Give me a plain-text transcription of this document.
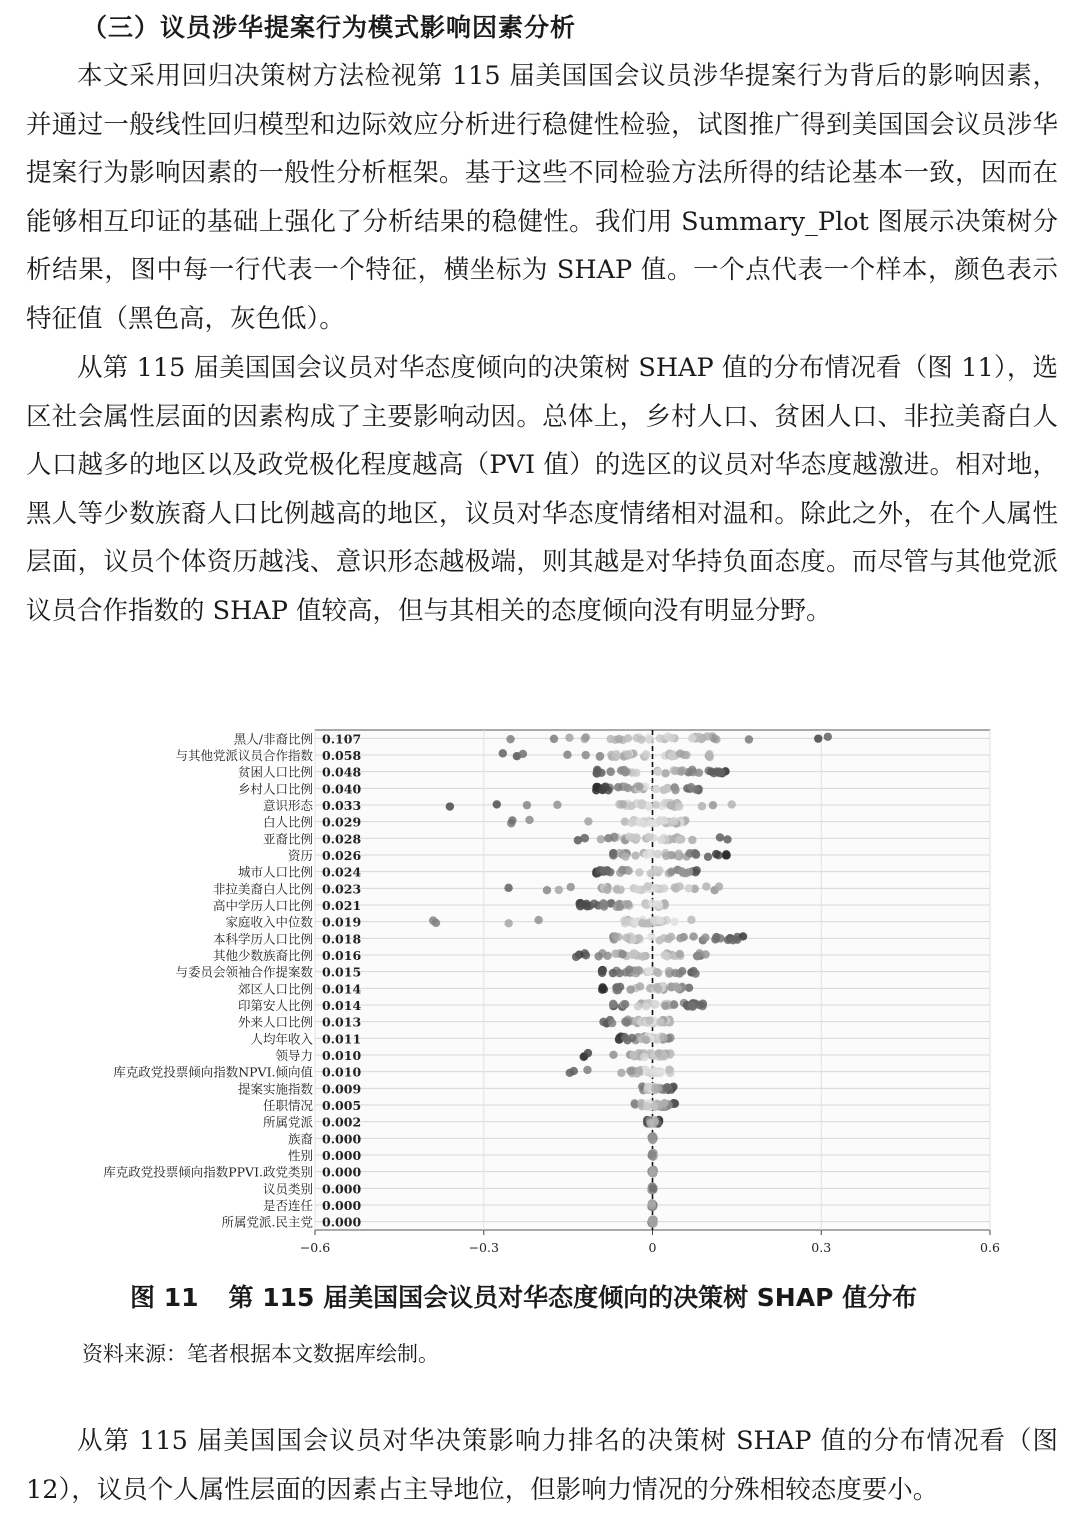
（三）议员涉华提案行为模式影响因素分析

本文采用回归决策树方法检视第 115 届美国国会议员涉华提案行为背后的影响因素，并通过一般线性回归模型和边际效应分析进行稳健性检验，试图推广得到美国国会议员涉华提案行为影响因素的一般性分析框架。基于这些不同检验方法所得的结论基本一致，因而在能够相互印证的基础上强化了分析结果的稳健性。我们用 Summary_Plot 图展示决策树分析结果，图中每一行代表一个特征，横坐标为 SHAP 值。一个点代表一个样本，颜色表示特征值（黑色高，灰色低）。

从第 115 届美国国会议员对华态度倾向的决策树 SHAP 值的分布情况看（图 11），选区社会属性层面的因素构成了主要影响动因。总体上，乡村人口、贫困人口、非拉美裔白人人口越多的地区以及政党极化程度越高（PVI 值）的选区的议员对华态度越激进。相对地，黑人等少数族裔人口比例越高的地区，议员对华态度情绪相对温和。除此之外，在个人属性层面，议员个体资历越浅、意识形态越极端，则其越是对华持负面态度。而尽管与其他党派议员合作指数的 SHAP 值较高，但与其相关的态度倾向没有明显分野。

黑人/非裔比例 0.107
与其他党派议员合作指数 0.058
贫困人口比例 0.048
乡村人口比例 0.040
意识形态 0.033
白人比例 0.029
亚裔比例 0.028
资历 0.026
城市人口比例 0.024
非拉美裔白人比例 0.023
高中学历人口比例 0.021
家庭收入中位数 0.019
本科学历人口比例 0.018
其他少数族裔比例 0.016
与委员会领袖合作提案数 0.015
郊区人口比例 0.014
印第安人比例 0.014
外来人口比例 0.013
人均年收入 0.011
领导力 0.010
库克政党投票倾向指数NPVI.倾向值 0.010
提案实施指数 0.009
任职情况 0.005
所属党派 0.002
族裔 0.000
性别 0.000
库克政党投票倾向指数PPVI.政党类别 0.000
议员类别 0.000
是否连任 0.000
所属党派.民主党 0.000
−0.6	−0.3	0	0.3	0.6
图 11 第 115 届美国国会议员对华态度倾向的决策树 SHAP 值分布
资料来源：笔者根据本文数据库绘制。

从第 115 届美国国会议员对华决策影响力排名的决策树 SHAP 值的分布情况看（图 12），议员个人属性层面的因素占主导地位，但影响力情况的分殊相较态度要小。
